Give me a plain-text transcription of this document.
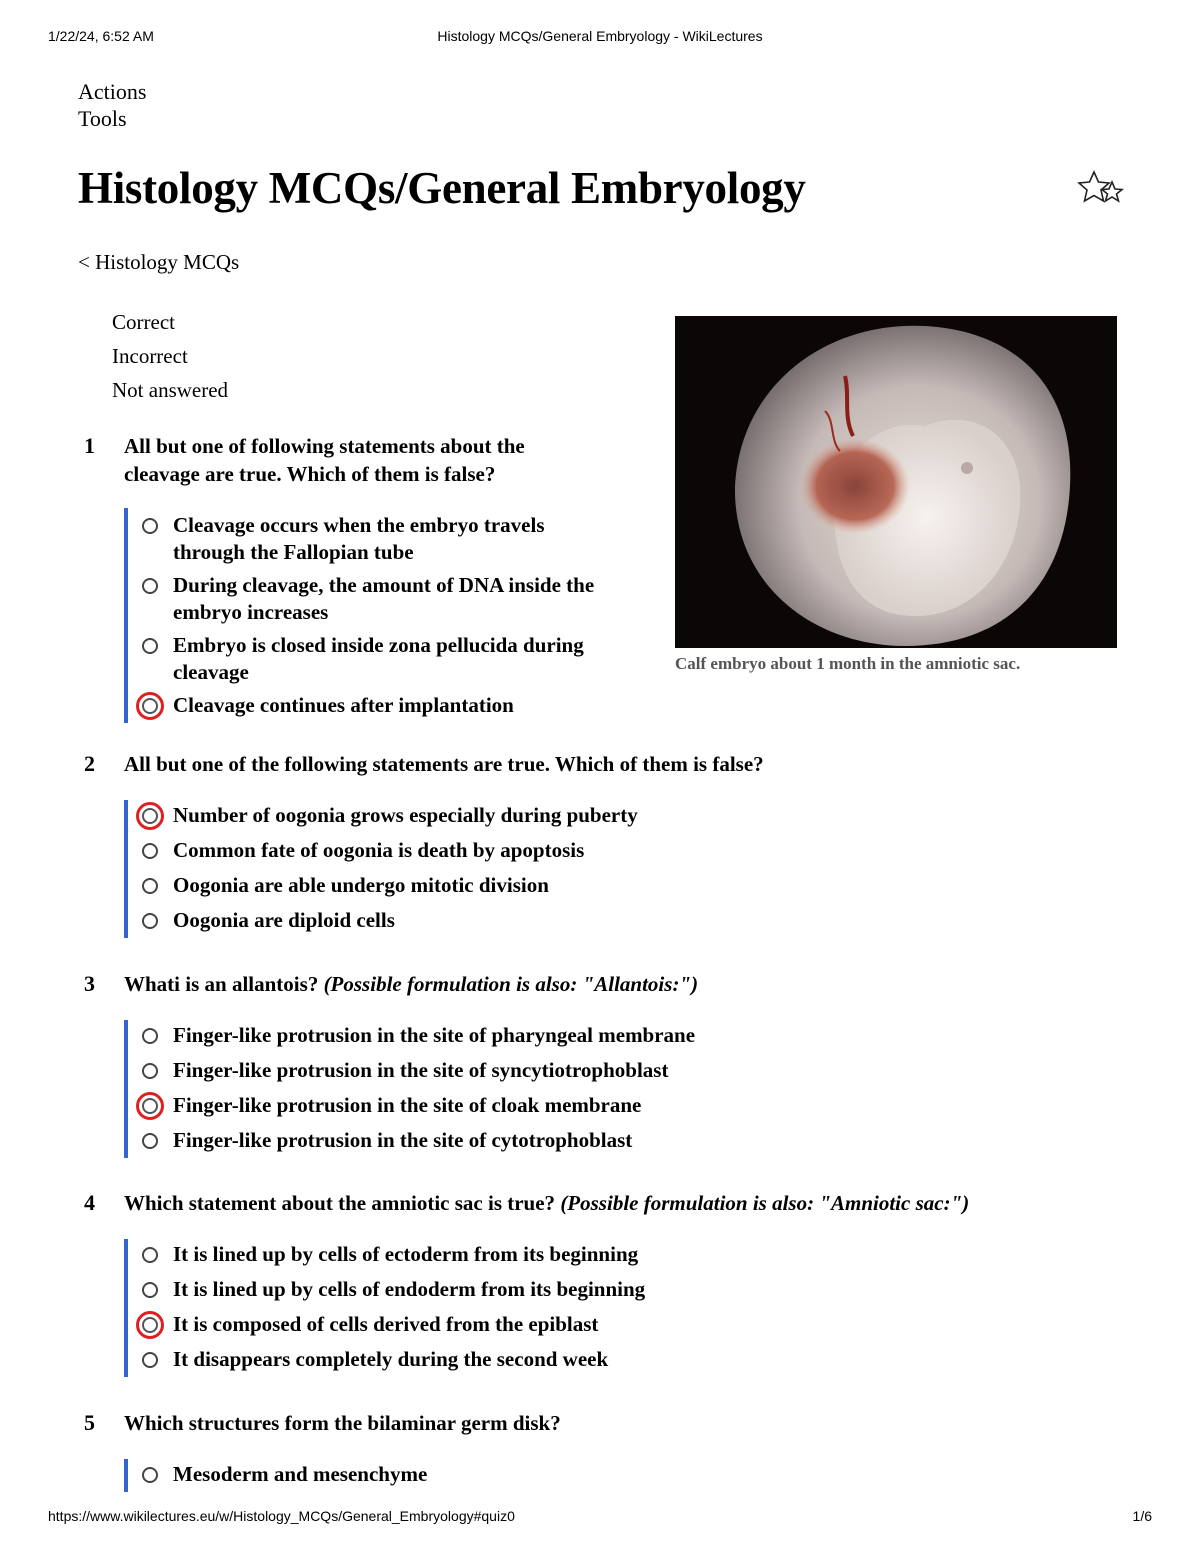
1/22/24, 6:52 AM	Histology MCQs/General Embryology - WikiLectures
Actions
Tools
Histology MCQs/General Embryology
< Histology MCQs
Correct
Incorrect
Not answered
Calf embryo about 1 month in the amniotic sac.
1	All but one of following statements about the cleavage are true. Which of them is false?
Cleavage occurs when the embryo travels through the Fallopian tube
During cleavage, the amount of DNA inside the embryo increases
Embryo is closed inside zona pellucida during cleavage
Cleavage continues after implantation
2	All but one of the following statements are true. Which of them is false?
Number of oogonia grows especially during puberty
Common fate of oogonia is death by apoptosis
Oogonia are able undergo mitotic division
Oogonia are diploid cells
3	Whati is an allantois? (Possible formulation is also: "Allantois:")
Finger-like protrusion in the site of pharyngeal membrane
Finger-like protrusion in the site of syncytiotrophoblast
Finger-like protrusion in the site of cloak membrane
Finger-like protrusion in the site of cytotrophoblast
4	Which statement about the amniotic sac is true? (Possible formulation is also: "Amniotic sac:")
It is lined up by cells of ectoderm from its beginning
It is lined up by cells of endoderm from its beginning
It is composed of cells derived from the epiblast
It disappears completely during the second week
5	Which structures form the bilaminar germ disk?
Mesoderm and mesenchyme
https://www.wikilectures.eu/w/Histology_MCQs/General_Embryology#quiz0	1/6
